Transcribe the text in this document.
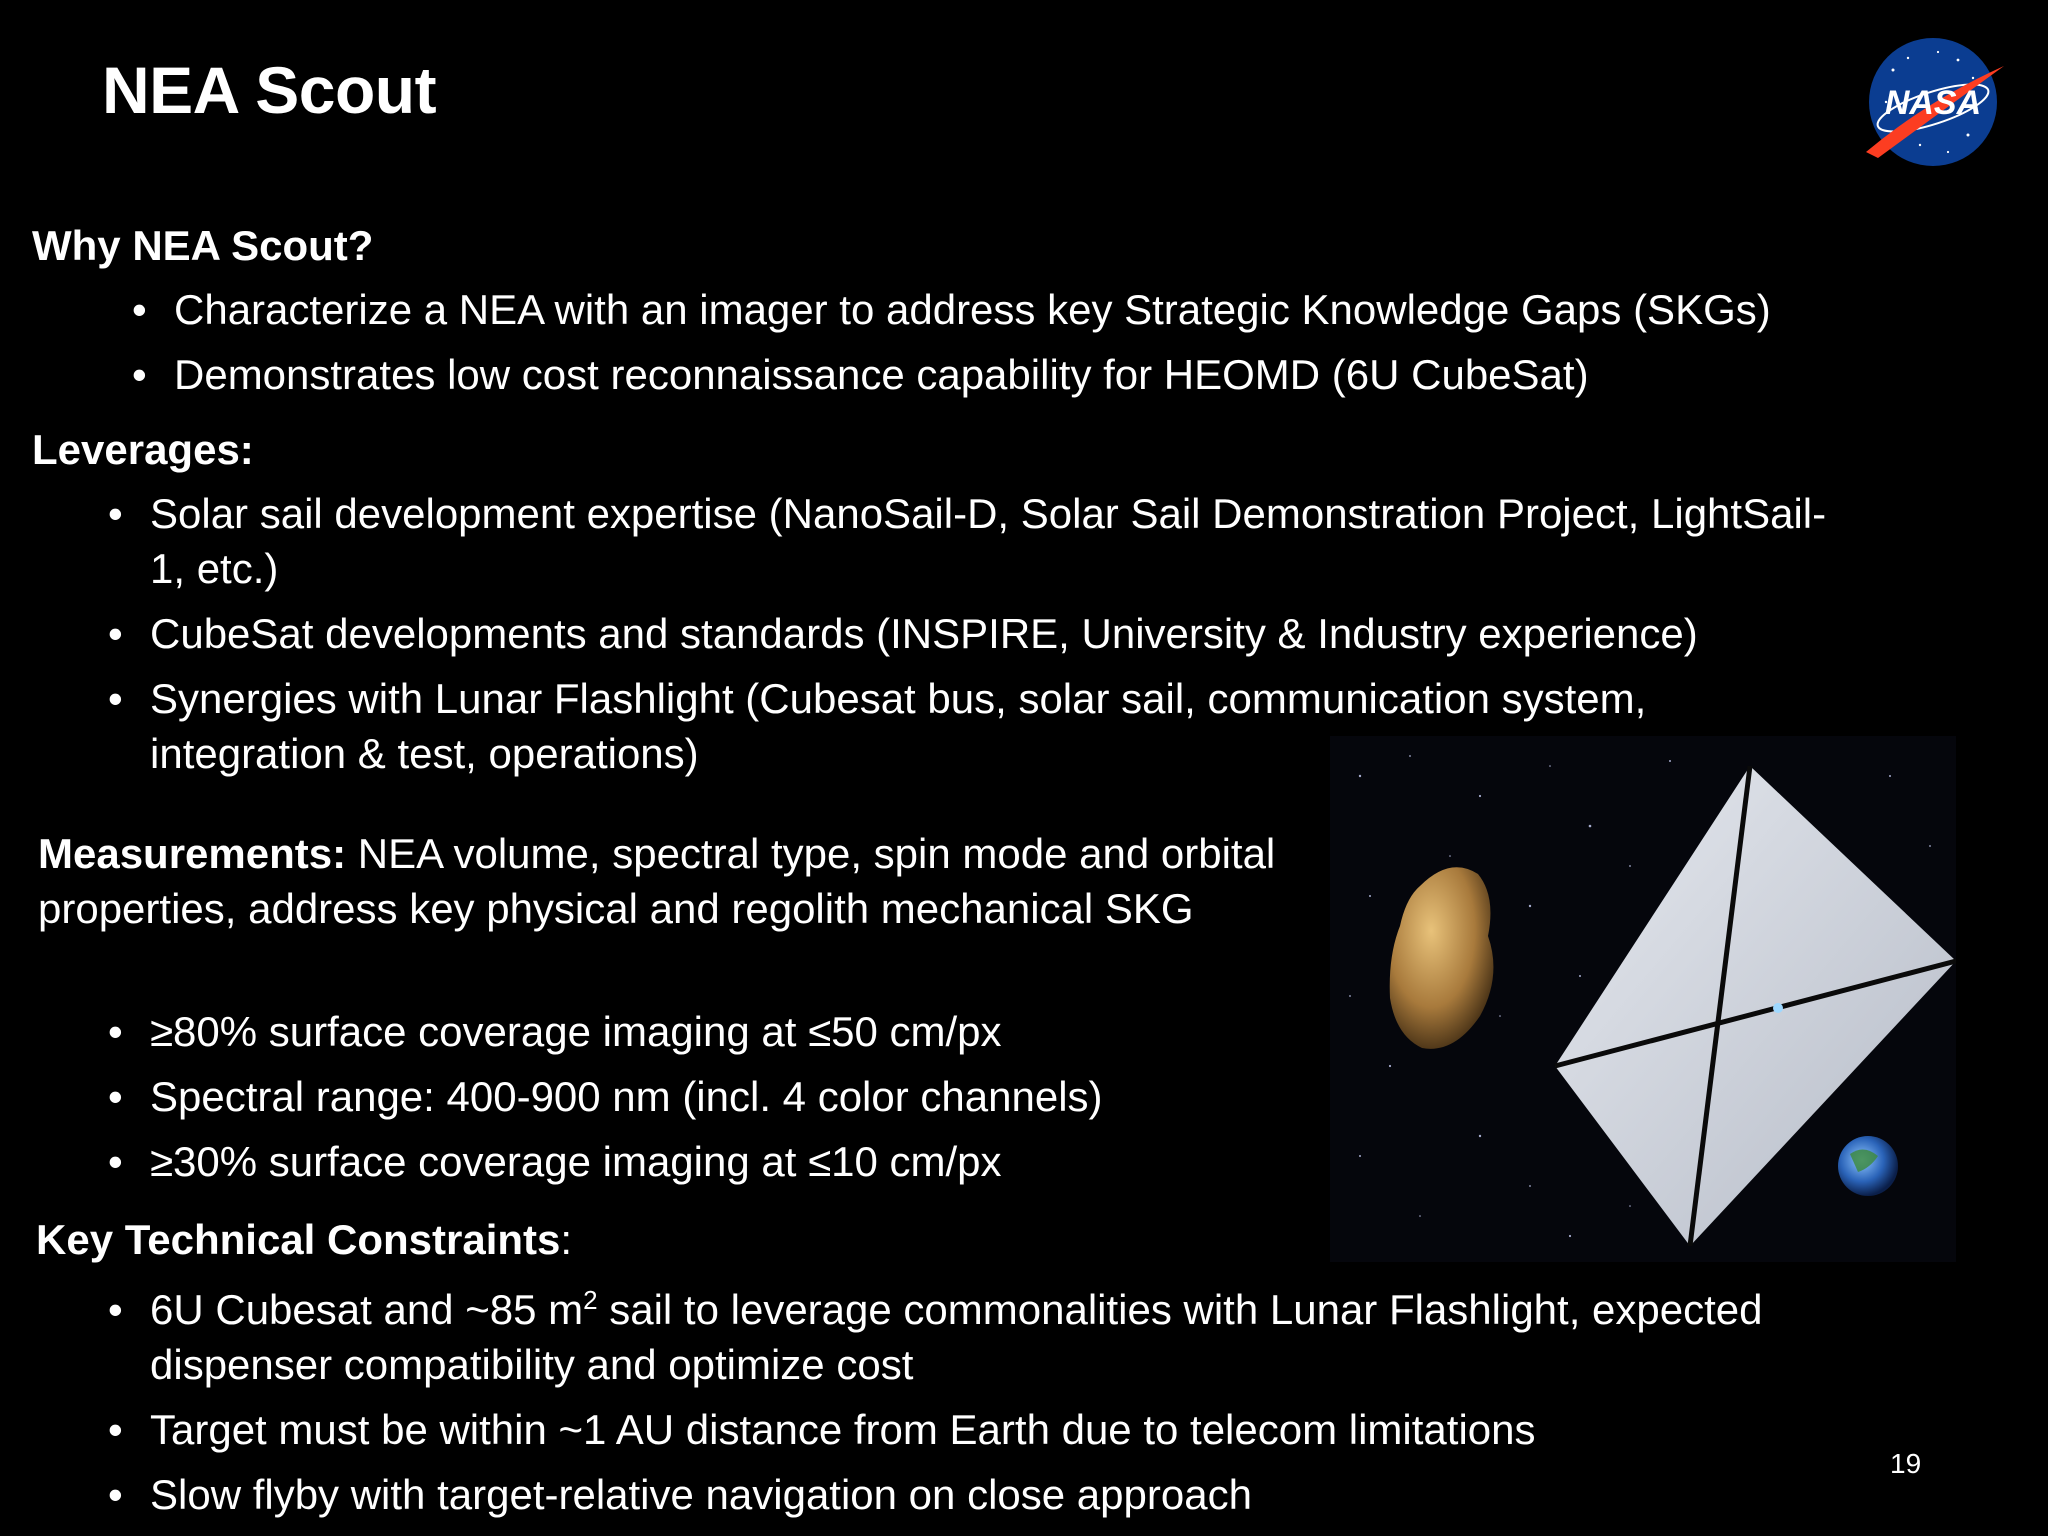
NEA Scout	NASA
Why NEA Scout?
• Characterize a NEA with an imager to address key Strategic Knowledge Gaps (SKGs)
• Demonstrates low cost reconnaissance capability for HEOMD (6U CubeSat)
Leverages:
• Solar sail development expertise (NanoSail-D, Solar Sail Demonstration Project, LightSail-1, etc.)
• CubeSat developments and standards (INSPIRE, University & Industry experience)
• Synergies with Lunar Flashlight (Cubesat bus, solar sail, communication system, integration & test, operations)
Measurements: NEA volume, spectral type, spin mode and orbital properties, address key physical and regolith mechanical SKG
• ≥80% surface coverage imaging at ≤50 cm/px
• Spectral range: 400-900 nm (incl. 4 color channels)
• ≥30% surface coverage imaging at ≤10 cm/px
Key Technical Constraints:
• 6U Cubesat and ~85 $m^2$ sail to leverage commonalities with Lunar Flashlight, expected dispenser compatibility and optimize cost
• Target must be within ~1 AU distance from Earth due to telecom limitations
• Slow flyby with target-relative navigation on close approach
19
